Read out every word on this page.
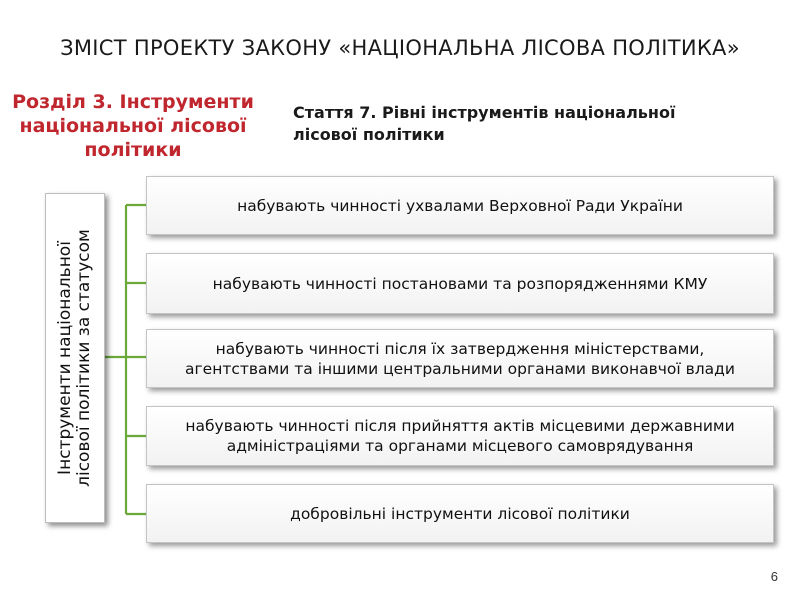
ЗМІСТ ПРОЕКТУ ЗАКОНУ «НАЦІОНАЛЬНА ЛІСОВА ПОЛІТИКА»
Розділ 3. Інструменти
національної лісової
політики
Стаття 7. Рівні інструментів національної
лісової політики
Інструменти національної лісової політики за статусом
набувають чинності ухвалами Верховної Ради України
набувають чинності постановами та розпорядженнями КМУ
набувають чинності після їх затвердження міністерствами,
агентствами та іншими центральними органами виконавчої влади
набувають чинності після прийняття актів місцевими державними
адміністраціями та органами місцевого самоврядування
добровільні інструменти лісової політики
6
